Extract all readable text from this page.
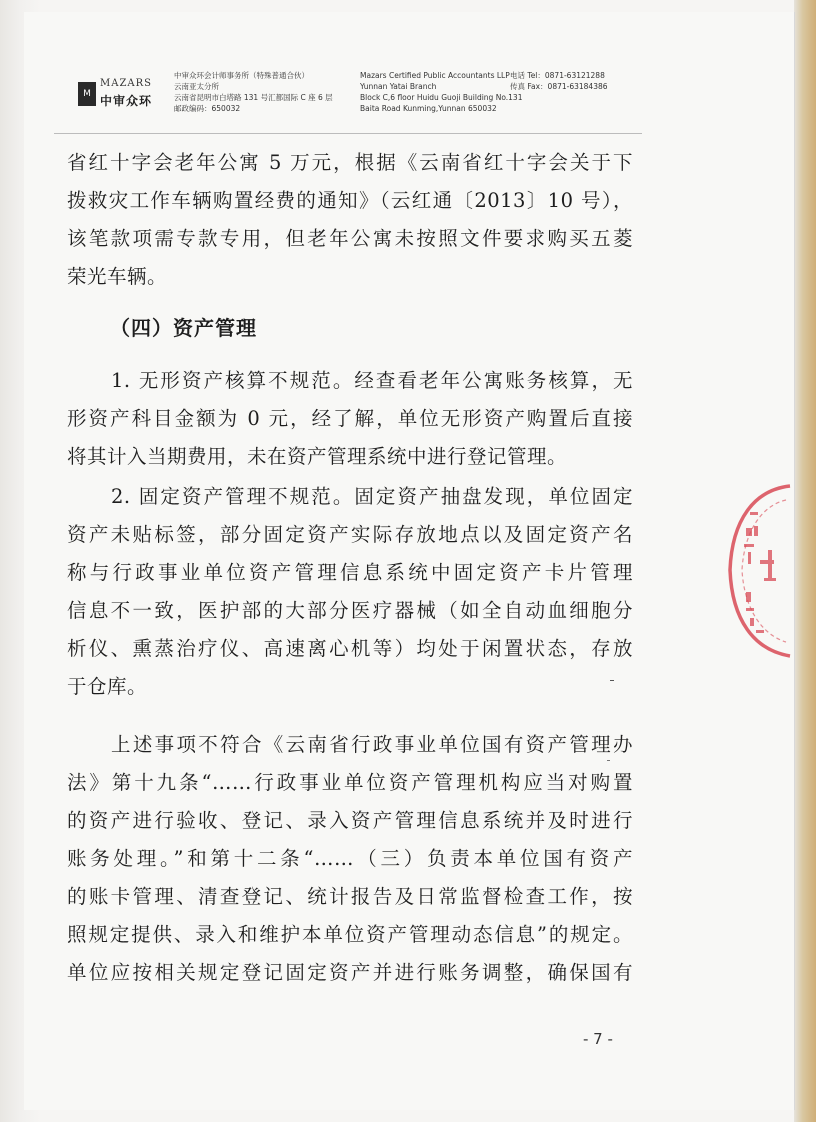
M
MAZARS
中审众环
中审众环会计师事务所（特殊普通合伙）
云南亚太分所
云南省昆明市白塔路 131 号汇都国际 C 座 6 层
邮政编码：650032
Mazars Certified Public Accountants LLP
Yunnan Yatai Branch
Block C,6 floor Huidu Guoji Building No.131
Baita Road Kunming,Yunnan 650032
电话 Tel：0871-63121288
传真 Fax：0871-63184386
省红十字会老年公寓 5 万元，根据《云南省红十字会关于下
拨救灾工作车辆购置经费的通知》（云红通〔2013〕10 号），
该笔款项需专款专用，但老年公寓未按照文件要求购买五菱
荣光车辆。
（四）资产管理
1. 无形资产核算不规范。经查看老年公寓账务核算，无
形资产科目金额为 0 元，经了解，单位无形资产购置后直接
将其计入当期费用，未在资产管理系统中进行登记管理。
2. 固定资产管理不规范。固定资产抽盘发现，单位固定
资产未贴标签，部分固定资产实际存放地点以及固定资产名
称与行政事业单位资产管理信息系统中固定资产卡片管理
信息不一致，医护部的大部分医疗器械（如全自动血细胞分
析仪、熏蒸治疗仪、高速离心机等）均处于闲置状态，存放
于仓库。
上述事项不符合《云南省行政事业单位国有资产管理办
法》第十九条“……行政事业单位资产管理机构应当对购置
的资产进行验收、登记、录入资产管理信息系统并及时进行
账务处理。”和第十二条“……（三）负责本单位国有资产
的账卡管理、清查登记、统计报告及日常监督检查工作，按
照规定提供、录入和维护本单位资产管理动态信息”的规定。
单位应按相关规定登记固定资产并进行账务调整，确保国有
- 7 -
